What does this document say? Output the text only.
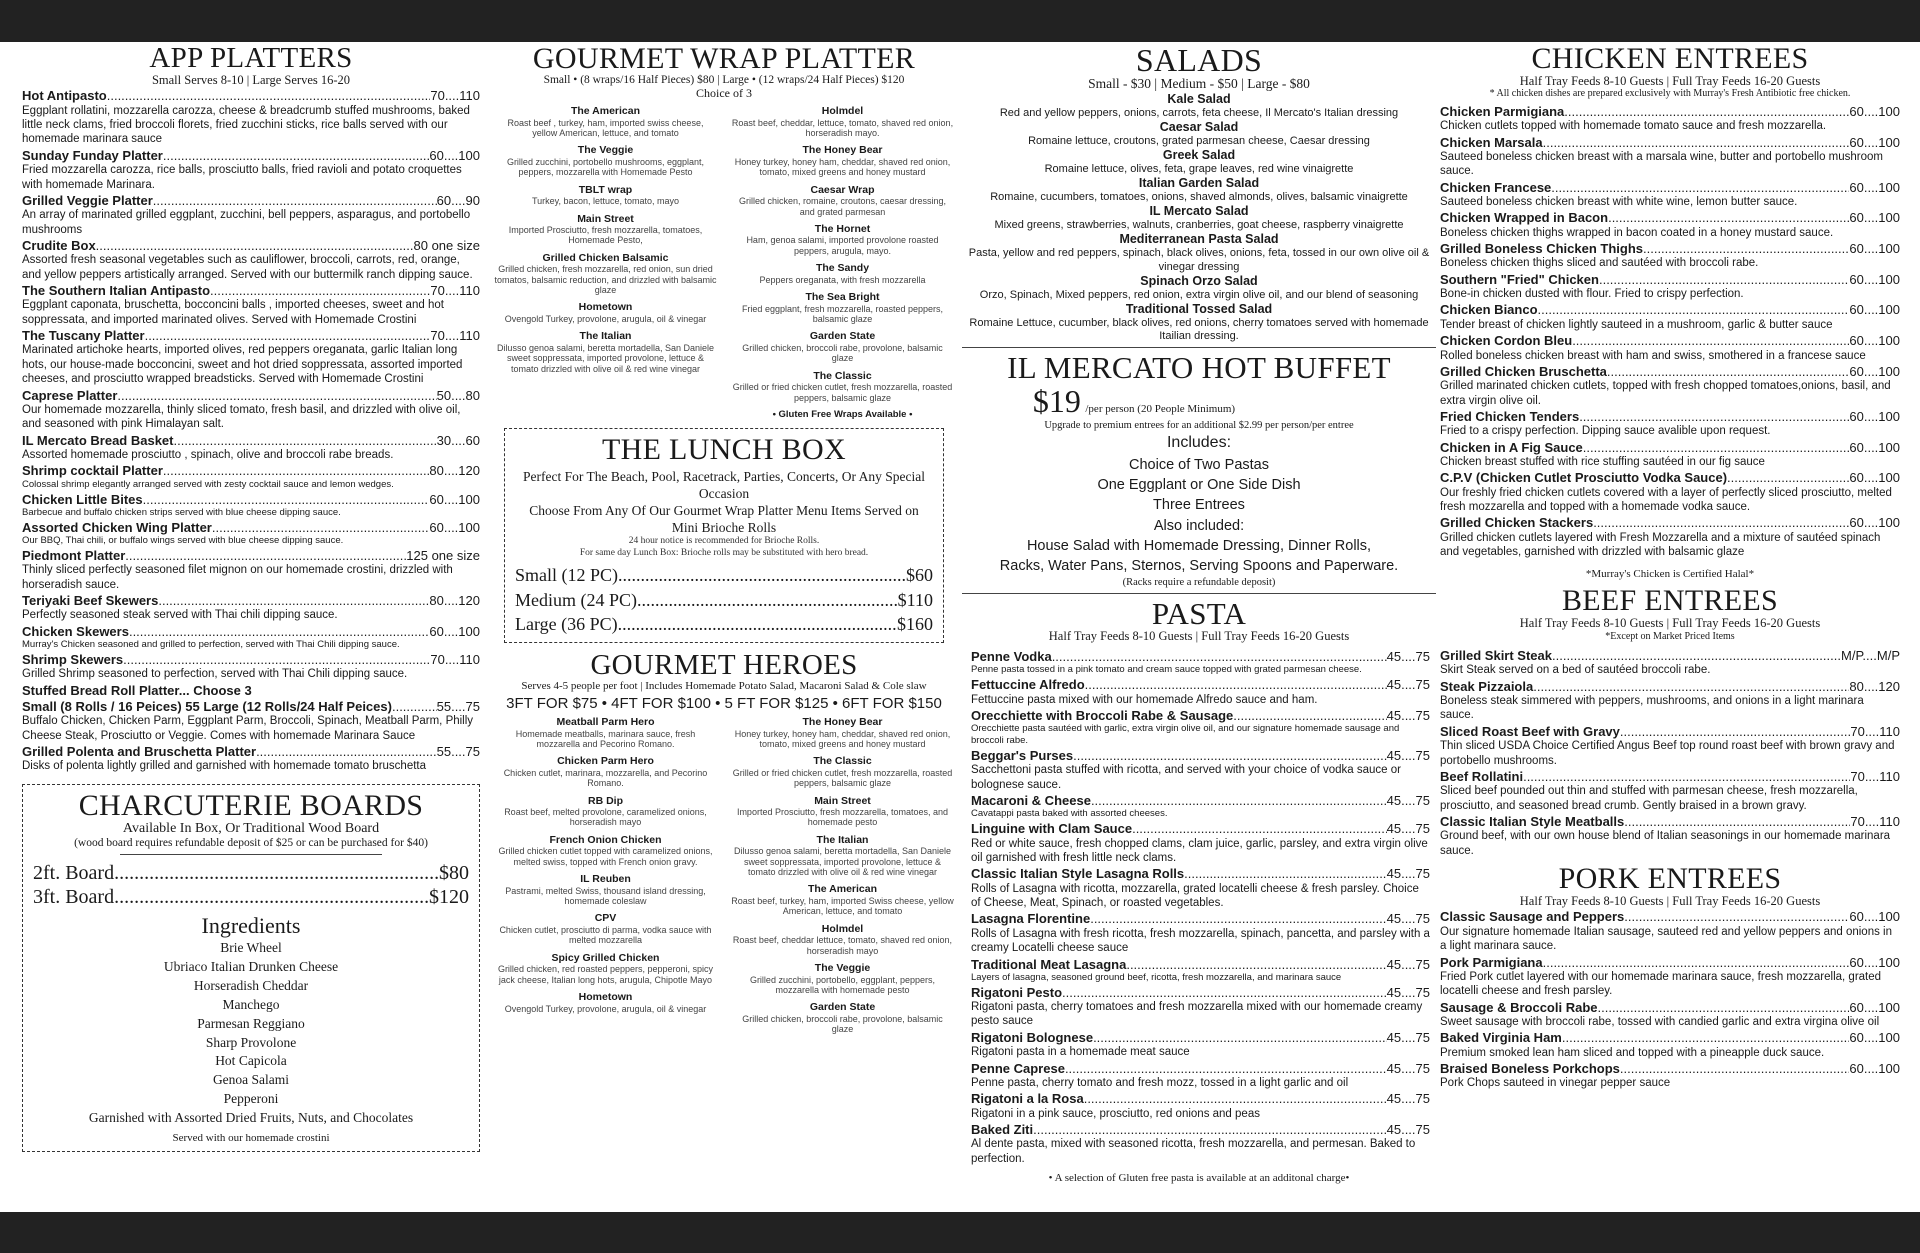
APP PLATTERS
Small Serves 8-10 | Large Serves 16-20
Hot Antipasto .....	70....110
Eggplant rollatini, mozzarella carozza, cheese & breadcrumb stuffed mushrooms, baked little neck clams, fried broccoli florets, fried zucchini sticks, rice balls served with our homemade marinara sauce
Sunday Funday Platter .....	60....100
Fried mozzarella carozza, rice balls, prosciutto balls, fried ravioli and potato croquettes with homemade Marinara.
Grilled Veggie Platter .....	60....90
An array of marinated grilled eggplant, zucchini, bell peppers, asparagus, and portobello mushrooms
Crudite Box .....	80 one size
Assorted fresh seasonal vegetables such as cauliflower, broccoli, carrots, red, orange, and yellow peppers artistically arranged. Served with our buttermilk ranch dipping sauce.
The Southern Italian Antipasto .....	70....110
Eggplant caponata, bruschetta, bocconcini balls , imported cheeses, sweet and hot soppressata, and imported marinated olives. Served with Homemade Crostini
The Tuscany Platter .....	70....110
Marinated artichoke hearts, imported olives, red peppers oreganata, garlic Italian long hots, our house-made bocconcini, sweet and hot dried soppressata, assorted imported cheeses, and prosciutto wrapped breadsticks. Served with Homemade Crostini
Caprese Platter .....	50....80
Our homemade mozzarella, thinly sliced tomato, fresh basil, and drizzled with olive oil, and seasoned with pink Himalayan salt.
IL Mercato Bread Basket .....	30....60
Assorted homemade prosciutto , spinach, olive and broccoli rabe breads.
Shrimp cocktail Platter .....	80....120
Colossal shrimp elegantly arranged served with zesty cocktail sauce and lemon wedges.
Chicken Little Bites .....	60....100
Barbecue and buffalo chicken strips served with blue cheese dipping sauce.
Assorted Chicken Wing Platter .....	60....100
Our BBQ, Thai chili, or buffalo wings served with blue cheese dipping sauce.
Piedmont Platter .....	125 one size
Thinly sliced perfectly seasoned filet mignon on our homemade crostini, drizzled with horseradish sauce.
Teriyaki Beef Skewers .....	80....120
Perfectly seasoned steak served with Thai chili dipping sauce.
Chicken Skewers .....	60....100
Murray's Chicken seasoned and grilled to perfection, served with Thai Chili dipping sauce.
Shrimp Skewers .....	70....110
Grilled Shrimp seasoned to perfection, served with Thai Chili dipping sauce.
Stuffed Bread Roll Platter... Choose 3
Small (8 Rolls / 16 Peices) 55 Large (12 Rolls/24 Half Peices) .....	55....75
Buffalo Chicken, Chicken Parm, Eggplant Parm, Broccoli, Spinach, Meatball Parm, Philly Cheese Steak, Prosciutto or Veggie. Comes with homemade Marinara Sauce
Grilled Polenta and Bruschetta Platter .....	55....75
Disks of polenta lightly grilled and garnished with homemade tomato bruschetta
CHARCUTERIE BOARDS
Available In Box, Or Traditional Wood Board
(wood board requires refundable deposit of $25 or can be purchased for $40)
2ft. Board .....	$80
3ft. Board .....	$120
Ingredients
Brie Wheel
Ubriaco Italian Drunken Cheese
Horseradish Cheddar
Manchego
Parmesan Reggiano
Sharp Provolone
Hot Capicola
Genoa Salami
Pepperoni
Garnished with Assorted Dried Fruits, Nuts, and Chocolates
Served with our homemade crostini
GOURMET WRAP PLATTER
Small • (8 wraps/16 Half Pieces) $80 | Large • (12 wraps/24 Half Pieces) $120
Choice of 3
The American
Roast beef , turkey, ham, imported swiss cheese, yellow American, lettuce, and tomato
The Veggie
Grilled zucchini, portobello mushrooms, eggplant, peppers, mozzarella with Homemade Pesto
TBLT wrap
Turkey, bacon, lettuce, tomato, mayo
Main Street
Imported Prosciutto, fresh mozzarella, tomatoes, Homemade Pesto,
Grilled Chicken Balsamic
Grilled chicken, fresh mozzarella, red onion, sun dried tomatos, balsamic reduction, and drizzled with balsamic glaze
Hometown
Ovengold Turkey, provolone, arugula, oil & vinegar
The Italian
Dilusso genoa salami, beretta mortadella, San Daniele sweet soppressata, imported provolone, lettuce & tomato drizzled with olive oil & red wine vinegar
Holmdel
Roast beef, cheddar, lettuce, tomato, shaved red onion, horseradish mayo.
The Honey Bear
Honey turkey, honey ham, cheddar, shaved red onion, tomato, mixed greens and honey mustard
Caesar Wrap
Grilled chicken, romaine, croutons, caesar dressing, and grated parmesan
The Hornet
Ham, genoa salami, imported provolone roasted peppers, arugula, mayo.
The Sandy
Peppers oreganata, with fresh mozzarella
The Sea Bright
Fried eggplant, fresh mozzarella, roasted peppers, balsamic glaze
Garden State
Grilled chicken, broccoli rabe, provolone, balsamic glaze
The Classic
Grilled or fried chicken cutlet, fresh mozzarella, roasted peppers, balsamic glaze
• Gluten Free Wraps Available •
THE LUNCH BOX
Perfect For The Beach, Pool, Racetrack, Parties, Concerts, Or Any Special Occasion
Choose From Any Of Our Gourmet Wrap Platter Menu Items Served on Mini Brioche Rolls
24 hour notice is recommended for Brioche Rolls.
For same day Lunch Box: Brioche rolls may be substituted with hero bread.
Small (12 PC) .....	$60
Medium (24 PC) .....	$110
Large (36 PC) .....	$160
GOURMET HEROES
Serves 4-5 people per foot | Includes Homemade Potato Salad, Macaroni Salad & Cole slaw
3FT FOR $75 • 4FT FOR $100 • 5 FT FOR $125 • 6FT FOR $150
Meatball Parm Hero
Homemade meatballs, marinara sauce, fresh mozzarella and Pecorino Romano.
Chicken Parm Hero
Chicken cutlet, marinara, mozzarella, and Pecorino Romano.
RB Dip
Roast beef, melted provolone, caramelized onions, horseradish mayo
French Onion Chicken
Grilled chicken cutlet topped with caramelized onions, melted swiss, topped with French onion gravy.
IL Reuben
Pastrami, melted Swiss, thousand island dressing, homemade coleslaw
CPV
Chicken cutlet, prosciutto di parma, vodka sauce with melted mozzarella
Spicy Grilled Chicken
Grilled chicken, red roasted peppers, pepperoni, spicy jack cheese, Italian long hots, arugula, Chipotle Mayo
Hometown
Ovengold Turkey, provolone, arugula, oil & vinegar
The Honey Bear
Honey turkey, honey ham, cheddar, shaved red onion, tomato, mixed greens and honey mustard
The Classic
Grilled or fried chicken cutlet, fresh mozzarella, roasted peppers, balsamic glaze
Main Street
Imported Prosciutto, fresh mozzarella, tomatoes, and homemade pesto
The Italian
Dilusso genoa salami, beretta mortadella, San Daniele sweet soppressata, imported provolone, lettuce & tomato drizzled with olive oil & red wine vinegar
The American
Roast beef, turkey, ham, imported Swiss cheese, yellow American, lettuce, and tomato
Holmdel
Roast beef, cheddar lettuce, tomato, shaved red onion, horseradish mayo
The Veggie
Grilled zucchini, portobello, eggplant, peppers, mozzarella with homemade pesto
Garden State
Grilled chicken, broccoli rabe, provolone, balsamic glaze
SALADS
Small - $30 | Medium - $50 | Large - $80
Kale Salad
Red and yellow peppers, onions, carrots, feta cheese, Il Mercato's Italian dressing
Caesar Salad
Romaine lettuce, croutons, grated parmesan cheese, Caesar dressing
Greek Salad
Romaine lettuce, olives, feta, grape leaves, red wine vinaigrette
Italian Garden Salad
Romaine, cucumbers, tomatoes, onions, shaved almonds, olives, balsamic vinaigrette
IL Mercato Salad
Mixed greens, strawberries, walnuts, cranberries, goat cheese, raspberry vinaigrette
Mediterranean Pasta Salad
Pasta, yellow and red peppers, spinach, black olives, onions, feta, tossed in our own olive oil & vinegar dressing
Spinach Orzo Salad
Orzo, Spinach, Mixed peppers, red onion, extra virgin olive oil, and our blend of seasoning
Traditional Tossed Salad
Romaine Lettuce, cucumber, black olives, red onions, cherry tomatoes served with homemade Itailian dressing.
IL MERCATO HOT BUFFET
$19 /per person (20 People Minimum)
Upgrade to premium entrees for an additional $2.99 per person/per entree
Includes:
Choice of Two Pastas
One Eggplant or One Side Dish
Three Entrees
Also included:
House Salad with Homemade Dressing, Dinner Rolls,
Racks, Water Pans, Sternos, Serving Spoons and Paperware.
(Racks require a refundable deposit)
PASTA
Half Tray Feeds 8-10 Guests | Full Tray Feeds 16-20 Guests
Penne Vodka .....	45....75
Penne pasta tossed in a pink tomato and cream sauce topped with grated parmesan cheese.
Fettuccine Alfredo .....	45....75
Fettuccine pasta mixed with our homemade Alfredo sauce and ham.
Orecchiette with Broccoli Rabe & Sausage .....	45....75
Orecchiette pasta sautéed with garlic, extra virgin olive oil, and our signature homemade sausage and broccoli rabe.
Beggar's Purses .....	45....75
Sacchettoni pasta stuffed with ricotta, and served with your choice of vodka sauce or bolognese sauce.
Macaroni & Cheese .....	45....75
Cavatappi pasta baked with assorted cheeses.
Linguine with Clam Sauce .....	45....75
Red or white sauce, fresh chopped clams, clam juice, garlic, parsley, and extra virgin olive oil garnished with fresh little neck clams.
Classic Italian Style Lasagna Rolls .....	45....75
Rolls of Lasagna with ricotta, mozzarella, grated locatelli cheese & fresh parsley. Choice of Cheese, Meat, Spinach, or roasted vegetables.
Lasagna Florentine .....	45....75
Rolls of Lasagna with fresh ricotta, fresh mozzarella, spinach, pancetta, and parsley with a creamy Locatelli cheese sauce
Traditional Meat Lasagna .....	45....75
Layers of lasagna, seasoned ground beef, ricotta, fresh mozzarella, and marinara sauce
Rigatoni Pesto .....	45....75
Rigatoni pasta, cherry tomatoes and fresh mozzarella mixed with our homemade creamy pesto sauce
Rigatoni Bolognese .....	45....75
Rigatoni pasta in a homemade meat sauce
Penne Caprese .....	45....75
Penne pasta, cherry tomato and fresh mozz, tossed in a light garlic and oil
Rigatoni a la Rosa .....	45....75
Rigatoni in a pink sauce, prosciutto, red onions and peas
Baked Ziti .....	45....75
Al dente pasta, mixed with seasoned ricotta, fresh mozzarella, and permesan. Baked to perfection.
• A selection of Gluten free pasta is available at an additonal charge•
CHICKEN ENTREES
Half Tray Feeds 8-10 Guests | Full Tray Feeds 16-20 Guests
* All chicken dishes are prepared exclusively with Murray's Fresh Antibiotic free chicken.
Chicken Parmigiana .....	60....100
Chicken cutlets topped with homemade tomato sauce and fresh mozzarella.
Chicken Marsala .....	60....100
Sauteed boneless chicken breast with a marsala wine, butter and portobello mushroom sauce.
Chicken Francese .....	60....100
Sauteed boneless chicken breast with white wine, lemon butter sauce.
Chicken Wrapped in Bacon .....	60....100
Boneless chicken thighs wrapped in bacon coated in a honey mustard sauce.
Grilled Boneless Chicken Thighs .....	60....100
Boneless chicken thighs sliced and sautéed with broccoli rabe.
Southern "Fried" Chicken .....	60....100
Bone-in chicken dusted with flour. Fried to crispy perfection.
Chicken Bianco .....	60....100
Tender breast of chicken lightly sauteed in a mushroom, garlic & butter sauce
Chicken Cordon Bleu .....	60....100
Rolled boneless chicken breast with ham and swiss, smothered in a francese sauce
Grilled Chicken Bruschetta .....	60....100
Grilled marinated chicken cutlets, topped with fresh chopped tomatoes,onions, basil, and extra virgin olive oil.
Fried Chicken Tenders .....	60....100
Fried to a crispy perfection. Dipping sauce avalible upon request.
Chicken in A Fig Sauce .....	60....100
Chicken breast stuffed with rice stuffing sautéed in our fig sauce
C.P.V (Chicken Cutlet Prosciutto Vodka Sauce) .....	60....100
Our freshly fried chicken cutlets covered with a layer of perfectly sliced prosciutto, melted fresh mozzarella and topped with a homemade vodka sauce.
Grilled Chicken Stackers .....	60....100
Grilled chicken cutlets layered with Fresh Mozzarella and a mixture of sautéed spinach and vegetables, garnished with drizzled with balsamic glaze
*Murray's Chicken is Certified Halal*
BEEF ENTREES
Half Tray Feeds 8-10 Guests | Full Tray Feeds 16-20 Guests
*Except on Market Priced Items
Grilled Skirt Steak .....	M/P....M/P
Skirt Steak served on a bed of sautéed broccoli rabe.
Steak Pizzaiola .....	80....120
Boneless steak simmered with peppers, mushrooms, and onions in a light marinara sauce.
Sliced Roast Beef with Gravy .....	70....110
Thin sliced USDA Choice Certified Angus Beef top round roast beef with brown gravy and portobello mushrooms.
Beef Rollatini .....	70....110
Sliced beef pounded out thin and stuffed with parmesan cheese, fresh mozzarella, prosciutto, and seasoned bread crumb. Gently braised in a brown gravy.
Classic Italian Style Meatballs .....	70....110
Ground beef, with our own house blend of Italian seasonings in our homemade marinara sauce.
PORK ENTREES
Half Tray Feeds 8-10 Guests | Full Tray Feeds 16-20 Guests
Classic Sausage and Peppers .....	60....100
Our signature homemade Italian sausage, sauteed red and yellow peppers and onions in a light marinara sauce.
Pork Parmigiana .....	60....100
Fried Pork cutlet layered with our homemade marinara sauce, fresh mozzarella, grated locatelli cheese and fresh parsley.
Sausage & Broccoli Rabe .....	60....100
Sweet sausage with broccoli rabe, tossed with candied garlic and extra virgina olive oil
Baked Virginia Ham .....	60....100
Premium smoked lean ham sliced and topped with a pineapple duck sauce.
Braised Boneless Porkchops .....	60....100
Pork Chops sauteed in vinegar pepper sauce
